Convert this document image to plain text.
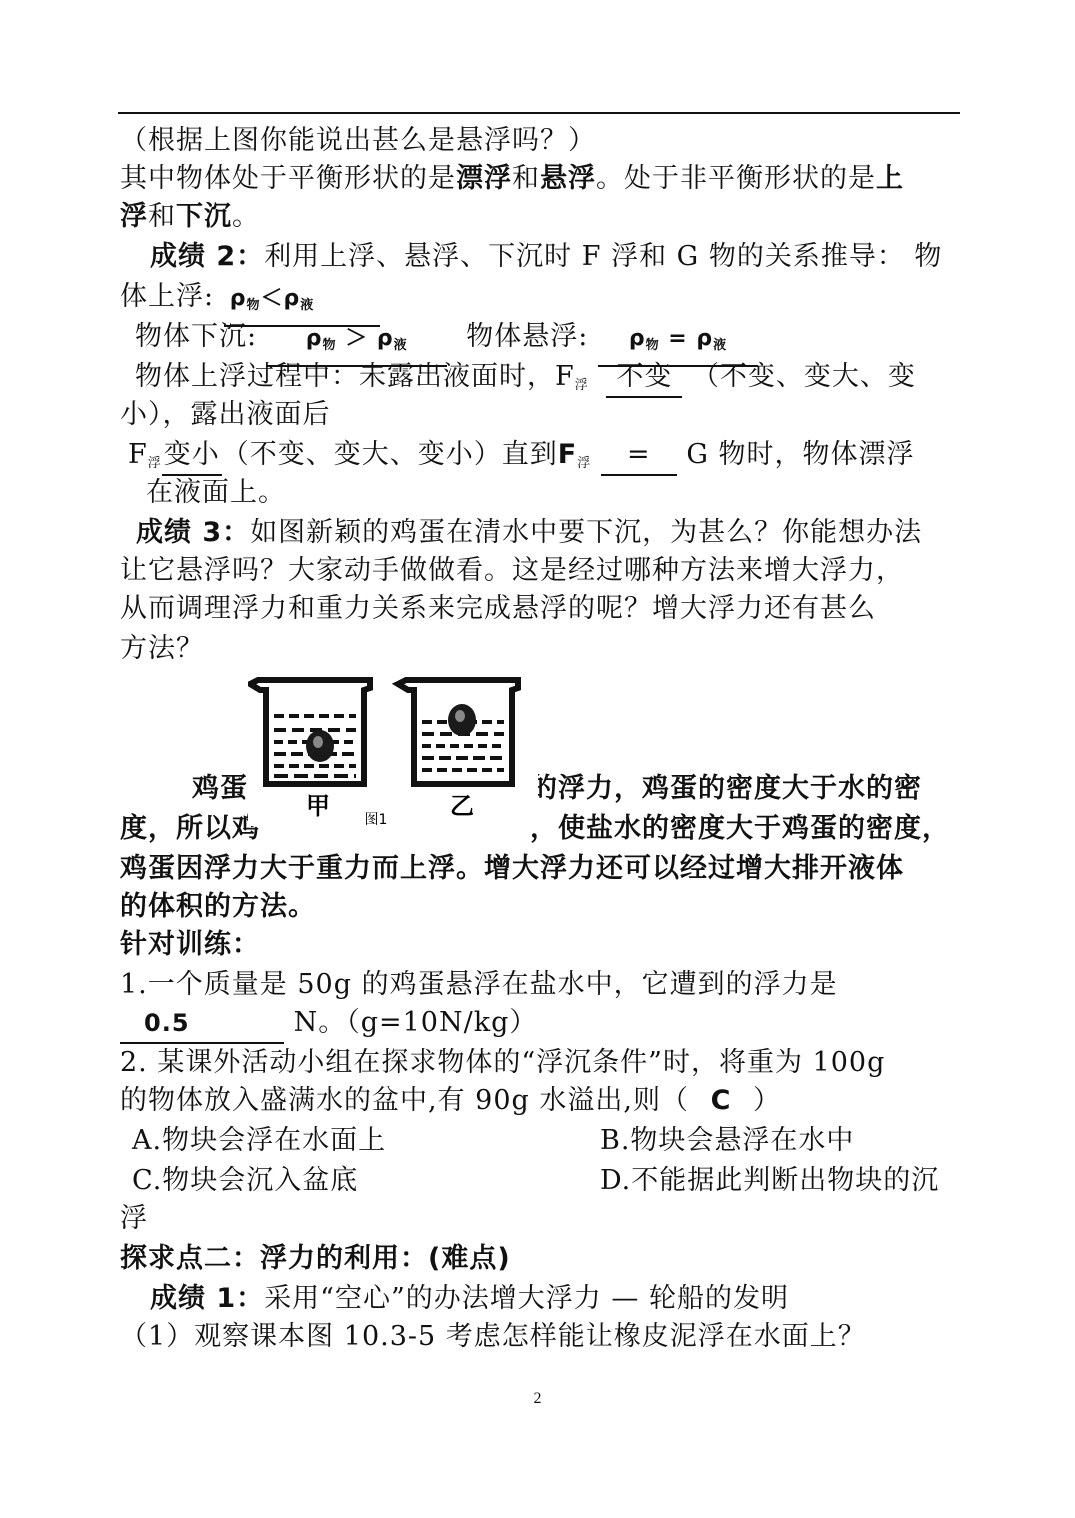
（根据上图你能说出甚么是悬浮吗？）
其中物体处于平衡形状的是漂浮和悬浮。处于非平衡形状的是上
浮和下沉。
成绩 2：利用上浮、悬浮、下沉时 F 浮和 G 物的关系推导： 物
体上浮: $\rho_物<\rho_液$
物体下沉: $\rho_物 > \rho_液$ 物体悬浮: $\rho_物 = \rho_液$
物体上浮过程中：未露出液面时，$F_浮$ 不变 （不变、变大、变
小），露出液面后
$F_浮$变小（不变、变大、变小）直到$F_浮 = G$ 物时，物体漂浮
在液面上。
成绩 3：如图新颖的鸡蛋在清水中要下沉，为甚么？你能想办法
让它悬浮吗？大家动手做做看。这是经过哪种方法来增大浮力，
从而调理浮力和重力关系来完成悬浮的呢？增大浮力还有甚么
方法？
鸡蛋	的浮力，鸡蛋的密度大于水的密
度，所以鸡	，使盐水的密度大于鸡蛋的密度，
鸡蛋因浮力大于重力而上浮。增大浮力还可以经过增大排开液体
的体积的方法。
甲 图1	乙
针对训练：
1.一个质量是 50g 的鸡蛋悬浮在盐水中，它遭到的浮力是
0.5	N。（g=10N/kg）
2. 某课外活动小组在探求物体的“浮沉条件”时，将重为 100g
的物体放入盛满水的盆中,有 90g 水溢出,则（ C ）
A.物块会浮在水面上	B.物块会悬浮在水中
C.物块会沉入盆底	D.不能据此判断出物块的沉
浮
探求点二：浮力的利用：(难点)
成绩 1：采用“空心”的办法增大浮力 — 轮船的发明
（1）观察课本图 10.3-5 考虑怎样能让橡皮泥浮在水面上？
2
